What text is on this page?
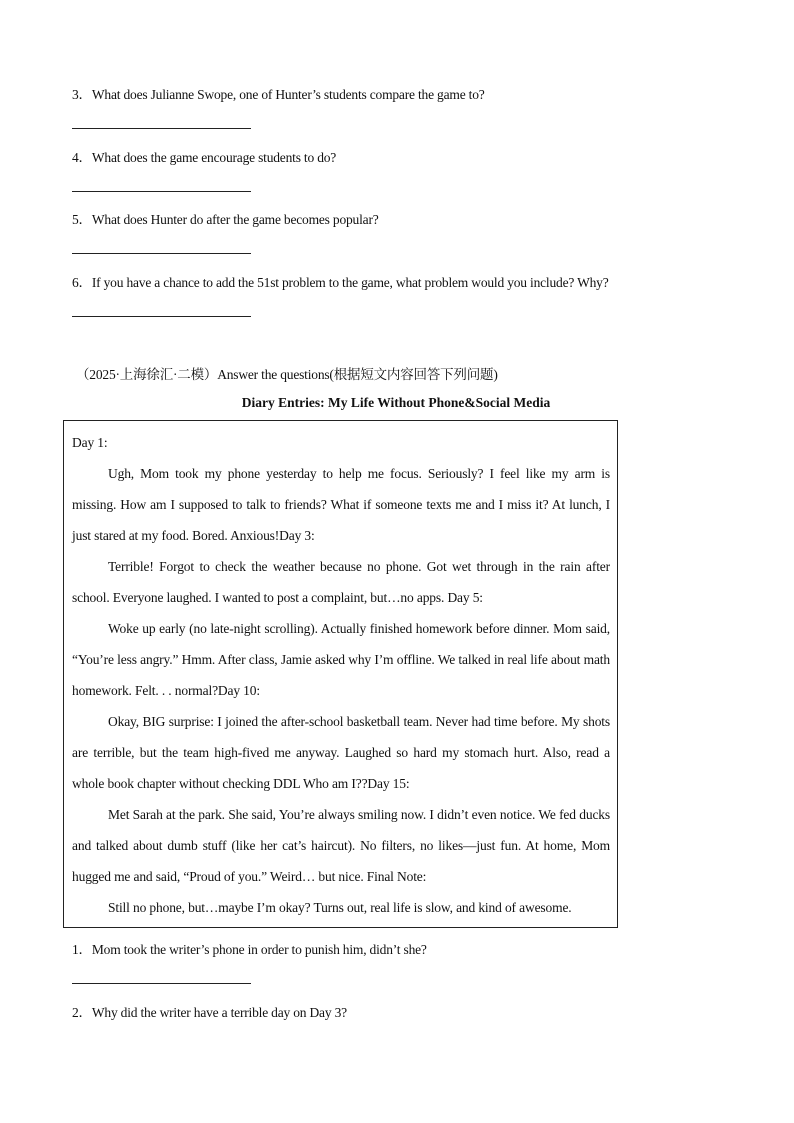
3．What does Julianne Swope, one of Hunter’s students compare the game to?
4．What does the game encourage students to do?
5．What does Hunter do after the game becomes popular?
6．If you have a chance to add the 51st problem to the game, what problem would you include? Why?
（2025·上海徐汇·二模）Answer the questions(根据短文内容回答下列问题)
Diary Entries: My Life Without Phone&Social Media
Day 1:
Ugh, Mom took my phone yesterday to help me focus. Seriously? I feel like my arm is missing. How am I supposed to talk to friends? What if someone texts me and I miss it? At lunch, I just stared at my food. Bored. Anxious!Day 3:
Terrible! Forgot to check the weather because no phone. Got wet through in the rain after school. Everyone laughed. I wanted to post a complaint, but…no apps. Day 5:
Woke up early (no late-night scrolling). Actually finished homework before dinner. Mom said, “You’re less angry.” Hmm. After class, Jamie asked why I’m offline. We talked in real life about math homework. Felt. . . normal?Day 10:
Okay, BIG surprise: I joined the after-school basketball team. Never had time before. My shots are terrible, but the team high-fived me anyway. Laughed so hard my stomach hurt. Also, read a whole book chapter without checking DDL Who am I??Day 15:
Met Sarah at the park. She said, You’re always smiling now. I didn’t even notice. We fed ducks and talked about dumb stuff (like her cat’s haircut). No filters, no likes—just fun. At home, Mom hugged me and said, “Proud of you.” Weird… but nice. Final Note:
Still no phone, but…maybe I’m okay? Turns out, real life is slow, and kind of awesome.
1．Mom took the writer’s phone in order to punish him, didn’t she?
2．Why did the writer have a terrible day on Day 3?
